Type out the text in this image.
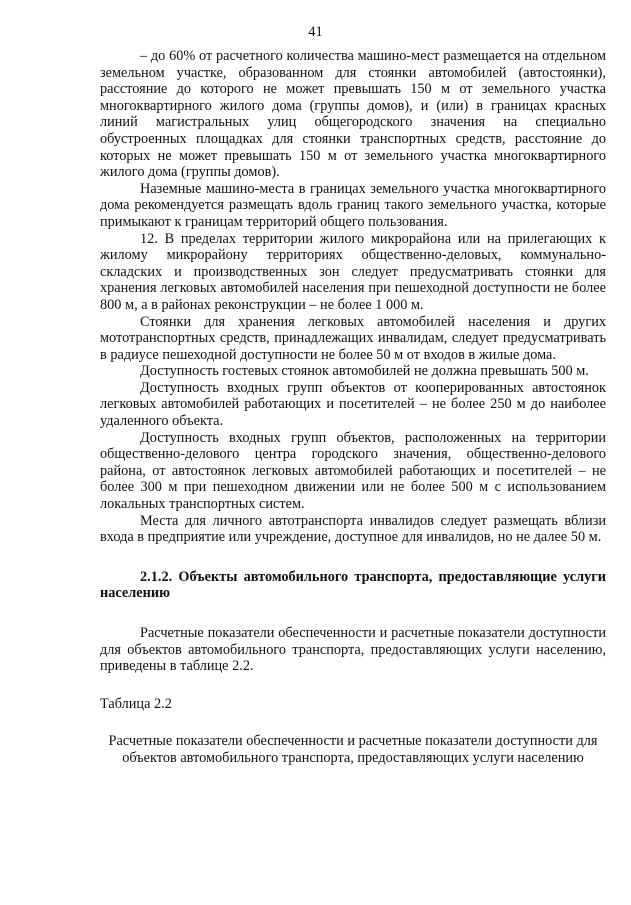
41

– до 60% от расчетного количества машино-мест размещается на отдельном земельном участке, образованном для стоянки автомобилей (автостоянки), расстояние до которого не может превышать 150 м от земельного участка многоквартирного жилого дома (группы домов), и (или) в границах красных линий магистральных улиц общегородского значения на специально обустроенных площадках для стоянки транспортных средств, расстояние до которых не может превышать 150 м от земельного участка многоквартирного жилого дома (группы домов).

Наземные машино-места в границах земельного участка многоквартирного дома рекомендуется размещать вдоль границ такого земельного участка, которые примыкают к границам территорий общего пользования.

12. В пределах территории жилого микрорайона или на прилегающих к жилому микрорайону территориях общественно-деловых, коммунально-складских и производственных зон следует предусматривать стоянки для хранения легковых автомобилей населения при пешеходной доступности не более 800 м, а в районах реконструкции – не более 1 000 м.

Стоянки для хранения легковых автомобилей населения и других мототранспортных средств, принадлежащих инвалидам, следует предусматривать в радиусе пешеходной доступности не более 50 м от входов в жилые дома.

Доступность гостевых стоянок автомобилей не должна превышать 500 м.

Доступность входных групп объектов от кооперированных автостоянок легковых автомобилей работающих и посетителей – не более 250 м до наиболее удаленного объекта.

Доступность входных групп объектов, расположенных на территории общественно-делового центра городского значения, общественно-делового района, от автостоянок легковых автомобилей работающих и посетителей – не более 300 м при пешеходном движении или не более 500 м с использованием локальных транспортных систем.

Места для личного автотранспорта инвалидов следует размещать вблизи входа в предприятие или учреждение, доступное для инвалидов, но не далее 50 м.

2.1.2. Объекты автомобильного транспорта, предоставляющие услуги населению

Расчетные показатели обеспеченности и расчетные показатели доступности для объектов автомобильного транспорта, предоставляющих услуги населению, приведены в таблице 2.2.

Таблица 2.2

Расчетные показатели обеспеченности и расчетные показатели доступности для объектов автомобильного транспорта, предоставляющих услуги населению
